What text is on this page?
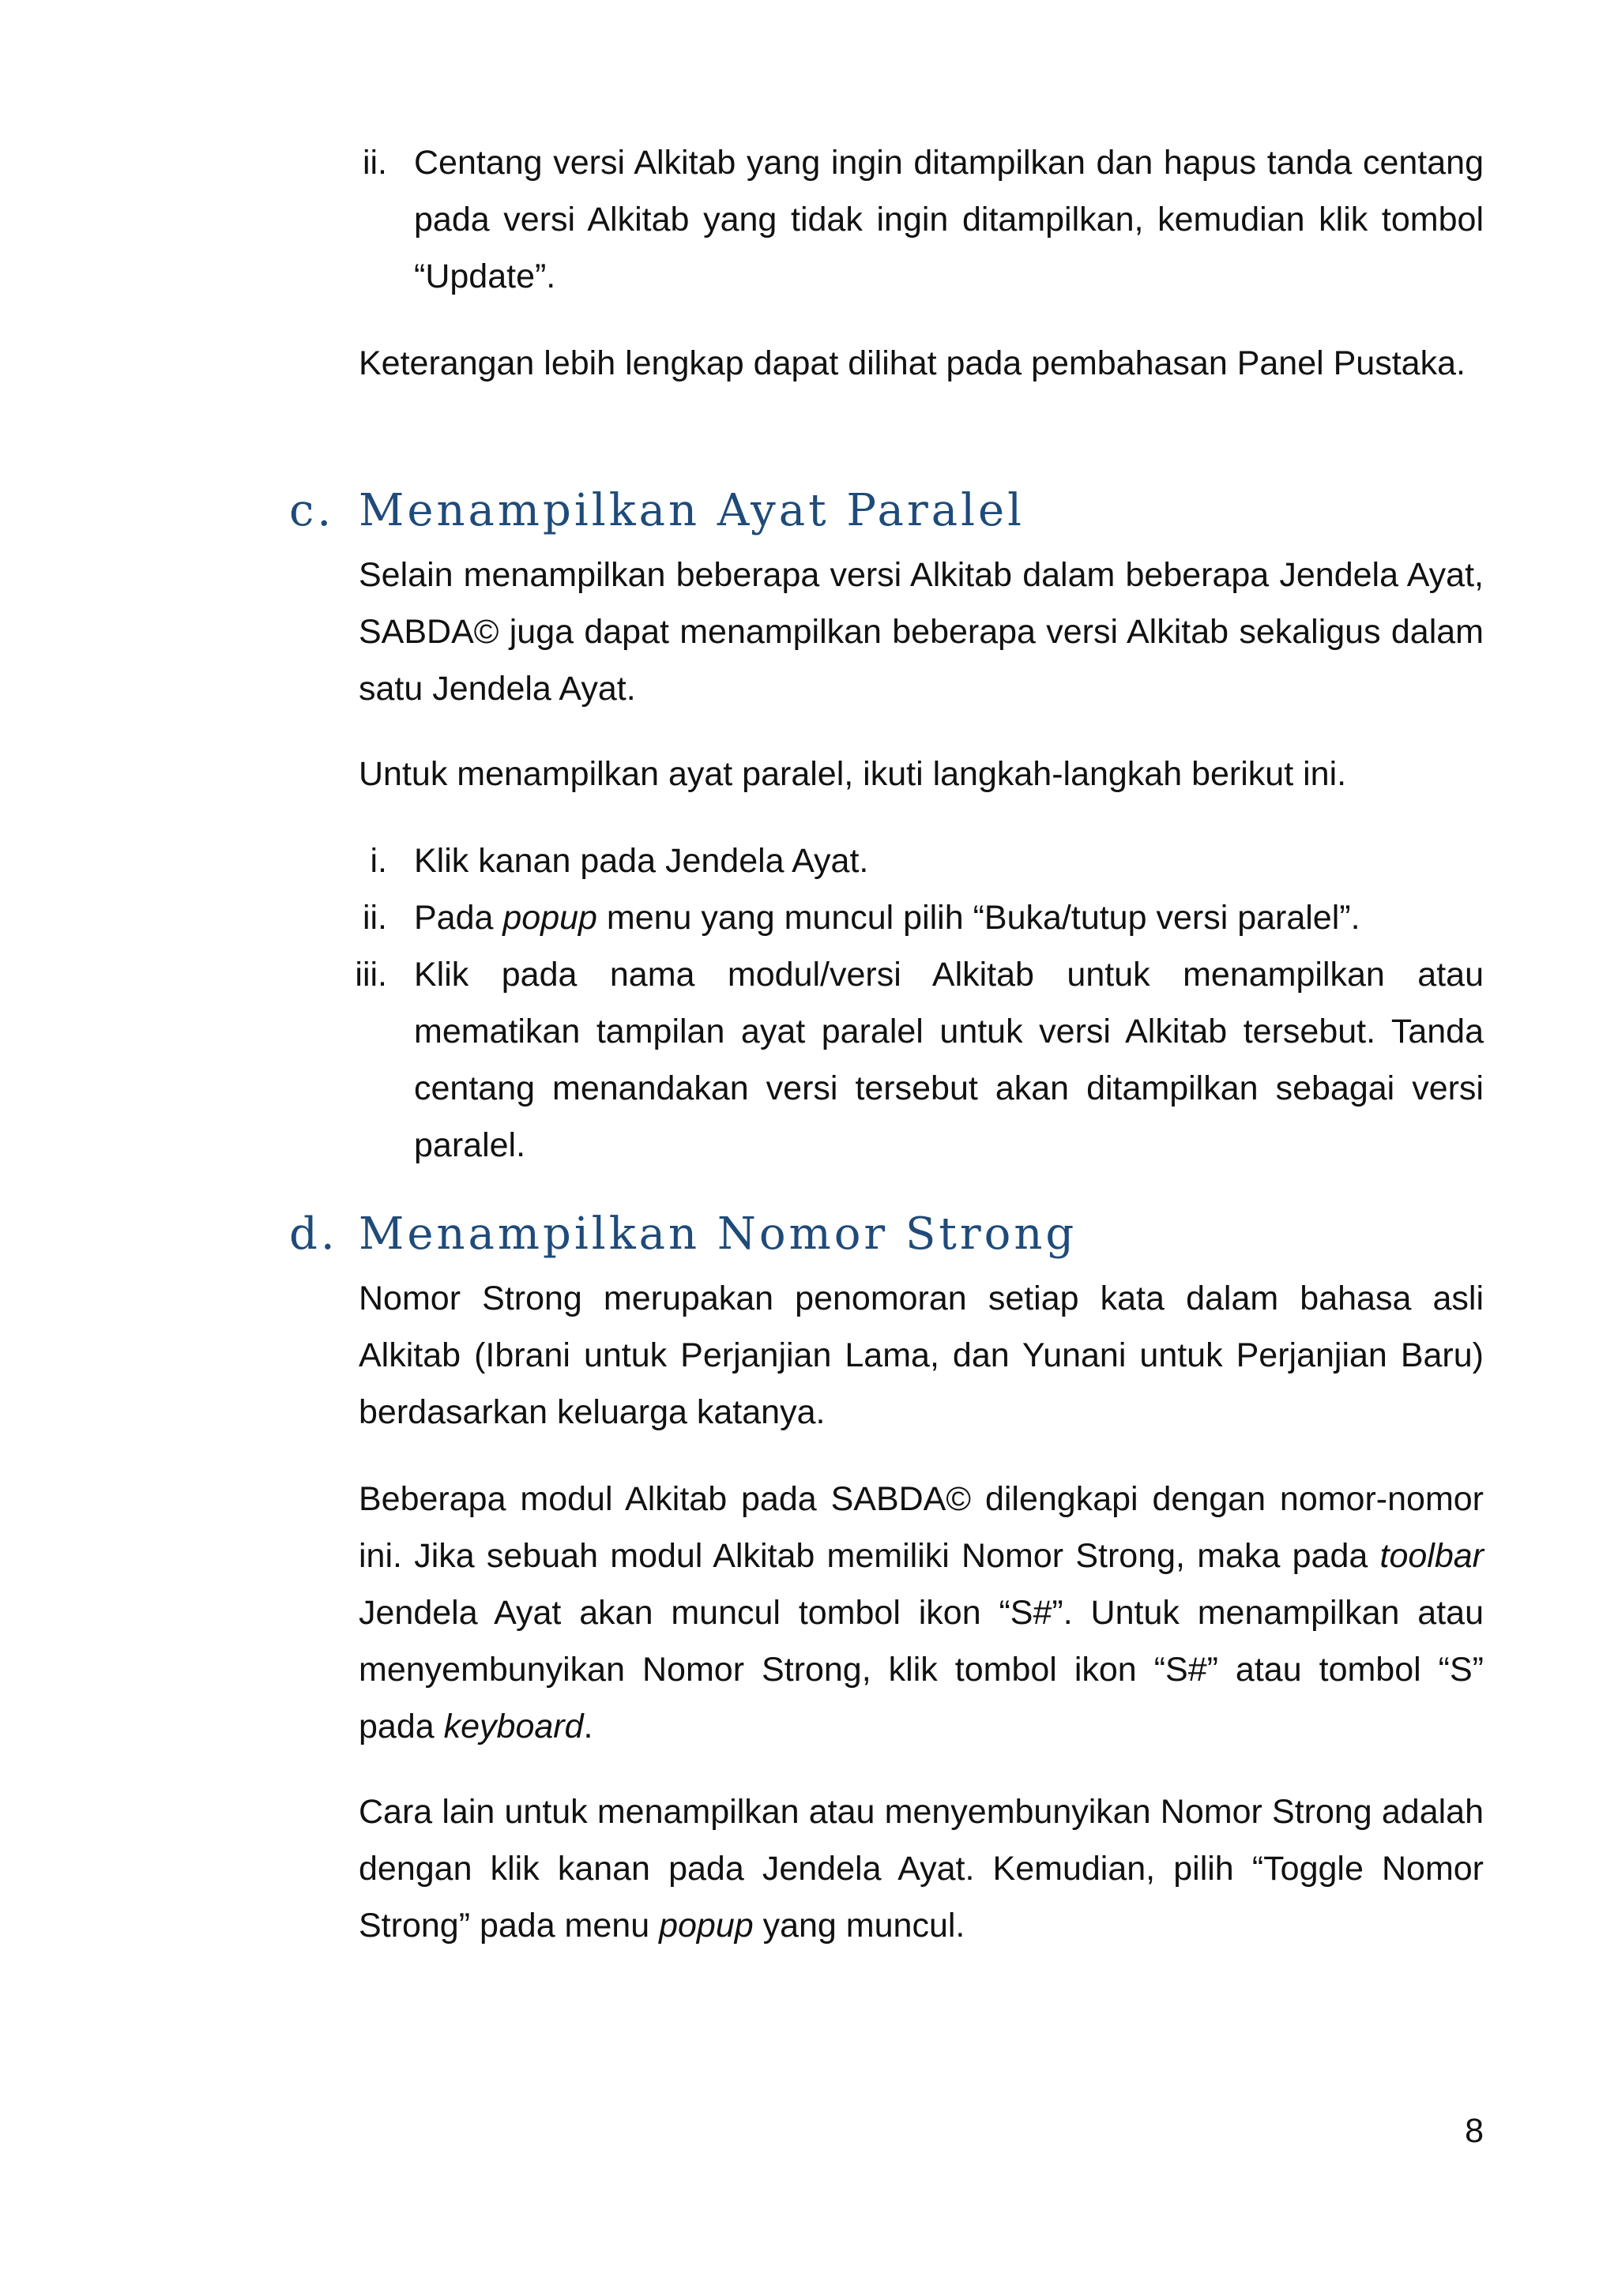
ii. Centang versi Alkitab yang ingin ditampilkan dan hapus tanda centang pada versi Alkitab yang tidak ingin ditampilkan, kemudian klik tombol “Update”.

Keterangan lebih lengkap dapat dilihat pada pembahasan Panel Pustaka.

c. Menampilkan Ayat Paralel

Selain menampilkan beberapa versi Alkitab dalam beberapa Jendela Ayat, SABDA© juga dapat menampilkan beberapa versi Alkitab sekaligus dalam satu Jendela Ayat.

Untuk menampilkan ayat paralel, ikuti langkah-langkah berikut ini.

i. Klik kanan pada Jendela Ayat.

ii. Pada popup menu yang muncul pilih “Buka/tutup versi paralel”.

iii. Klik pada nama modul/versi Alkitab untuk menampilkan atau mematikan tampilan ayat paralel untuk versi Alkitab tersebut. Tanda centang menandakan versi tersebut akan ditampilkan sebagai versi paralel.

d. Menampilkan Nomor Strong

Nomor Strong merupakan penomoran setiap kata dalam bahasa asli Alkitab (Ibrani untuk Perjanjian Lama, dan Yunani untuk Perjanjian Baru) berdasarkan keluarga katanya.

Beberapa modul Alkitab pada SABDA© dilengkapi dengan nomor-nomor ini. Jika sebuah modul Alkitab memiliki Nomor Strong, maka pada toolbar Jendela Ayat akan muncul tombol ikon “S#”. Untuk menampilkan atau menyembunyikan Nomor Strong, klik tombol ikon “S#” atau tombol “S” pada keyboard.

Cara lain untuk menampilkan atau menyembunyikan Nomor Strong adalah dengan klik kanan pada Jendela Ayat. Kemudian, pilih “Toggle Nomor Strong” pada menu popup yang muncul.

8
